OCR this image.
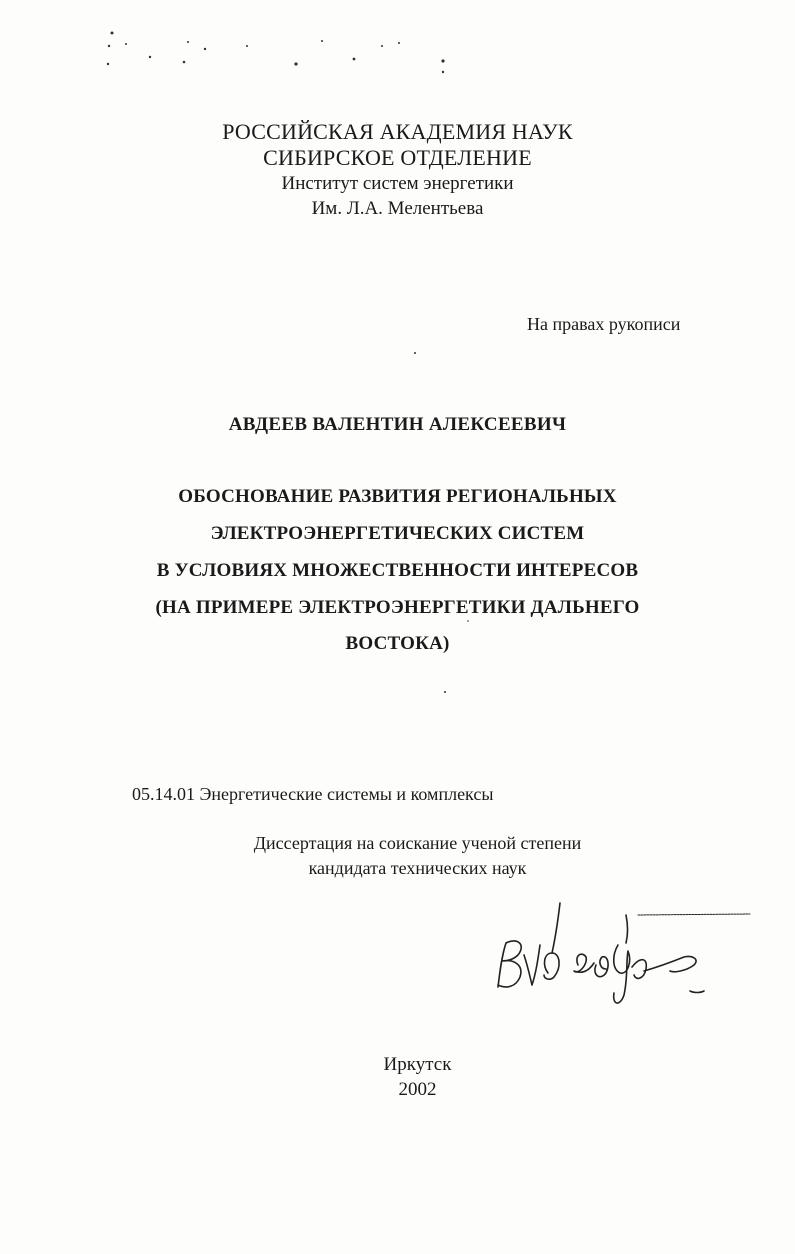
РОССИЙСКАЯ АКАДЕМИЯ НАУК
СИБИРСКОЕ ОТДЕЛЕНИЕ
Институт систем энергетики
Им. Л.А. Мелентьева
На правах рукописи
АВДЕЕВ ВАЛЕНТИН АЛЕКСЕЕВИЧ
ОБОСНОВАНИЕ РАЗВИТИЯ РЕГИОНАЛЬНЫХ
ЭЛЕКТРОЭНЕРГЕТИЧЕСКИХ СИСТЕМ
В УСЛОВИЯХ МНОЖЕСТВЕННОСТИ ИНТЕРЕСОВ
(НА ПРИМЕРЕ ЭЛЕКТРОЭНЕРГЕТИКИ ДАЛЬНЕГО
ВОСТОКА)
05.14.01 Энергетические системы и комплексы
Диссертация на соискание ученой степени
кандидата технических наук
Иркутск
2002
